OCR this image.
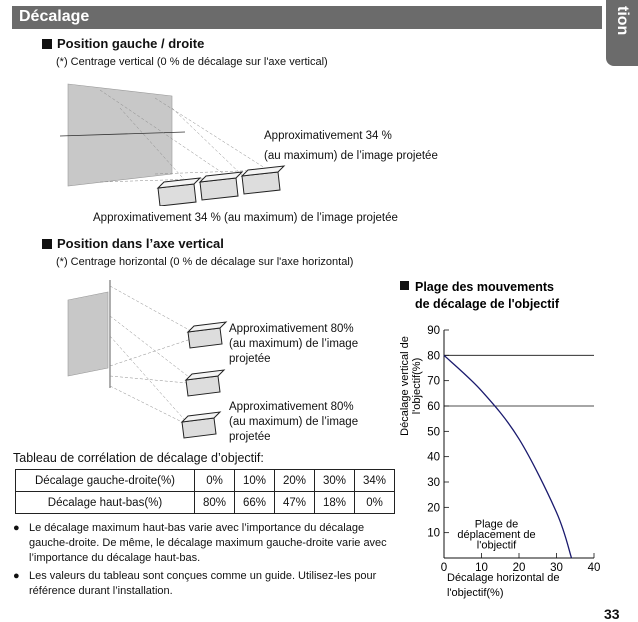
Décalage	tion
Position gauche / droite
(*) Centrage vertical (0 % de décalage sur l'axe vertical)
Approximativement 34 %
(au maximum) de l’image projetée
Approximativement 34 % (au maximum) de l’image projetée
Position dans l’axe vertical
(*) Centrage horizontal (0 % de décalage sur l'axe horizontal)
Approximativement 80%
(au maximum) de l’image
projetée
Approximativement 80%
(au maximum) de l’image
projetée
Tableau de corrélation de décalage d’objectif:
Décalage gauche-droite(%)	0%	10%	20%	30%	34%
Décalage haut-bas(%)	80%	66%	47%	18%	0%
● Le décalage maximum haut-bas varie avec l’importance du décalage gauche-droite. De même, le décalage maximum gauche-droite varie avec l’importance du décalage haut-bas.
● Les valeurs du tableau sont conçues comme un guide. Utilisez-les pour référence durant l’installation.
Plage des mouvements
de décalage de l'objectif
Décalage vertical de l'objectif(%)
Décalage horizontal de
l'objectif(%)
10
20
30
40
50
60
70
80
90
0 10 20 30 40
Plage de
déplacement de
l'objectif
33
